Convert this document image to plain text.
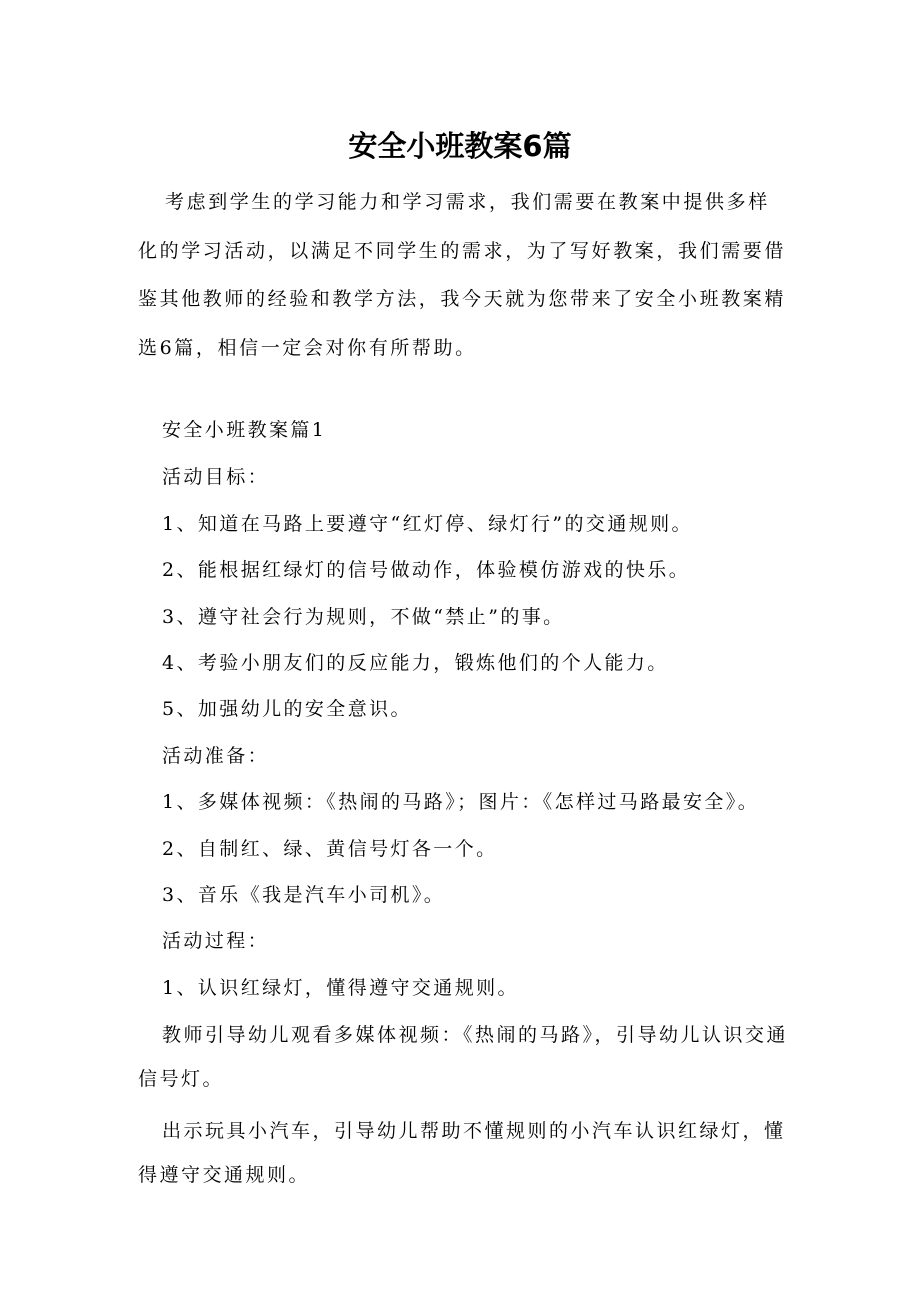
安全小班教案6篇

考虑到学生的学习能力和学习需求，我们需要在教案中提供多样化的学习活动，以满足不同学生的需求，为了写好教案，我们需要借鉴其他教师的经验和教学方法，我今天就为您带来了安全小班教案精选6篇，相信一定会对你有所帮助。

安全小班教案篇1

活动目标：

1、知道在马路上要遵守“红灯停、绿灯行”的交通规则。

2、能根据红绿灯的信号做动作，体验模仿游戏的快乐。

3、遵守社会行为规则，不做“禁止”的事。

4、考验小朋友们的反应能力，锻炼他们的个人能力。

5、加强幼儿的安全意识。

活动准备：

1、多媒体视频：《热闹的马路》；图片：《怎样过马路最安全》。

2、自制红、绿、黄信号灯各一个。

3、音乐《我是汽车小司机》。

活动过程：

1、认识红绿灯，懂得遵守交通规则。

教师引导幼儿观看多媒体视频：《热闹的马路》，引导幼儿认识交通信号灯。

出示玩具小汽车，引导幼儿帮助不懂规则的小汽车认识红绿灯，懂得遵守交通规则。
